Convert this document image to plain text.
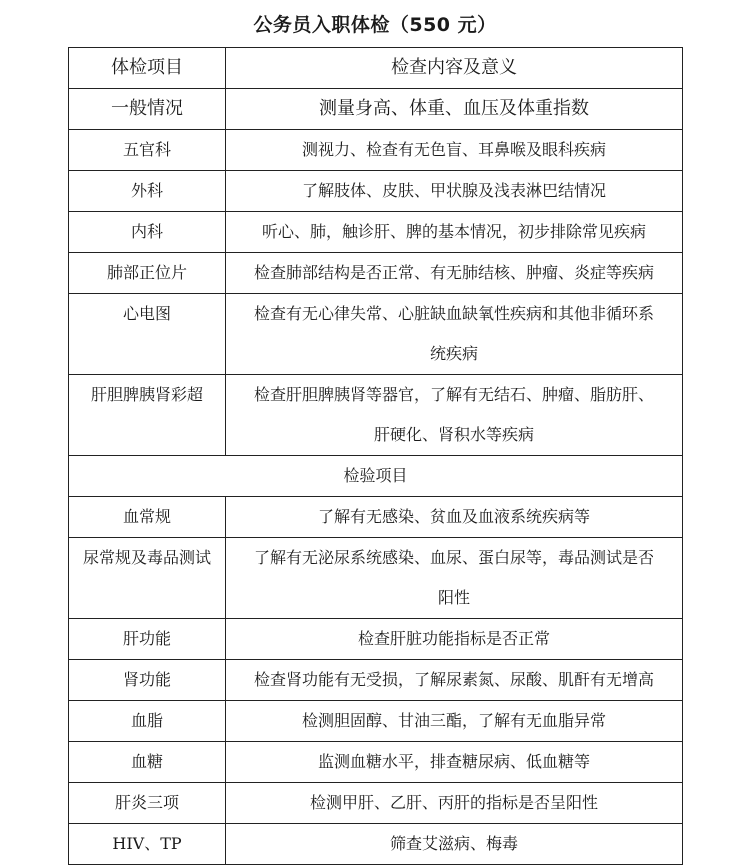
公务员入职体检（550 元）
体检项目	检查内容及意义
一般情况	测量身高、体重、血压及体重指数
五官科	测视力、检查有无色盲、耳鼻喉及眼科疾病
外科	了解肢体、皮肤、甲状腺及浅表淋巴结情况
内科	听心、肺，触诊肝、脾的基本情况，初步排除常见疾病
肺部正位片	检查肺部结构是否正常、有无肺结核、肿瘤、炎症等疾病
心电图	检查有无心律失常、心脏缺血缺氧性疾病和其他非循环系
统疾病

肝胆脾胰肾彩超	检查肝胆脾胰肾等器官，了解有无结石、肿瘤、脂肪肝、
肝硬化、肾积水等疾病

检验项目	
血常规	了解有无感染、贫血及血液系统疾病等
尿常规及毒品测试	了解有无泌尿系统感染、血尿、蛋白尿等，毒品测试是否
阳性

肝功能	检查肝脏功能指标是否正常
肾功能	检查肾功能有无受损，了解尿素氮、尿酸、肌酐有无增高
血脂	检测胆固醇、甘油三酯，了解有无血脂异常
血糖	监测血糖水平，排查糖尿病、低血糖等
肝炎三项	检测甲肝、乙肝、丙肝的指标是否呈阳性
HIV、TP	筛查艾滋病、梅毒
